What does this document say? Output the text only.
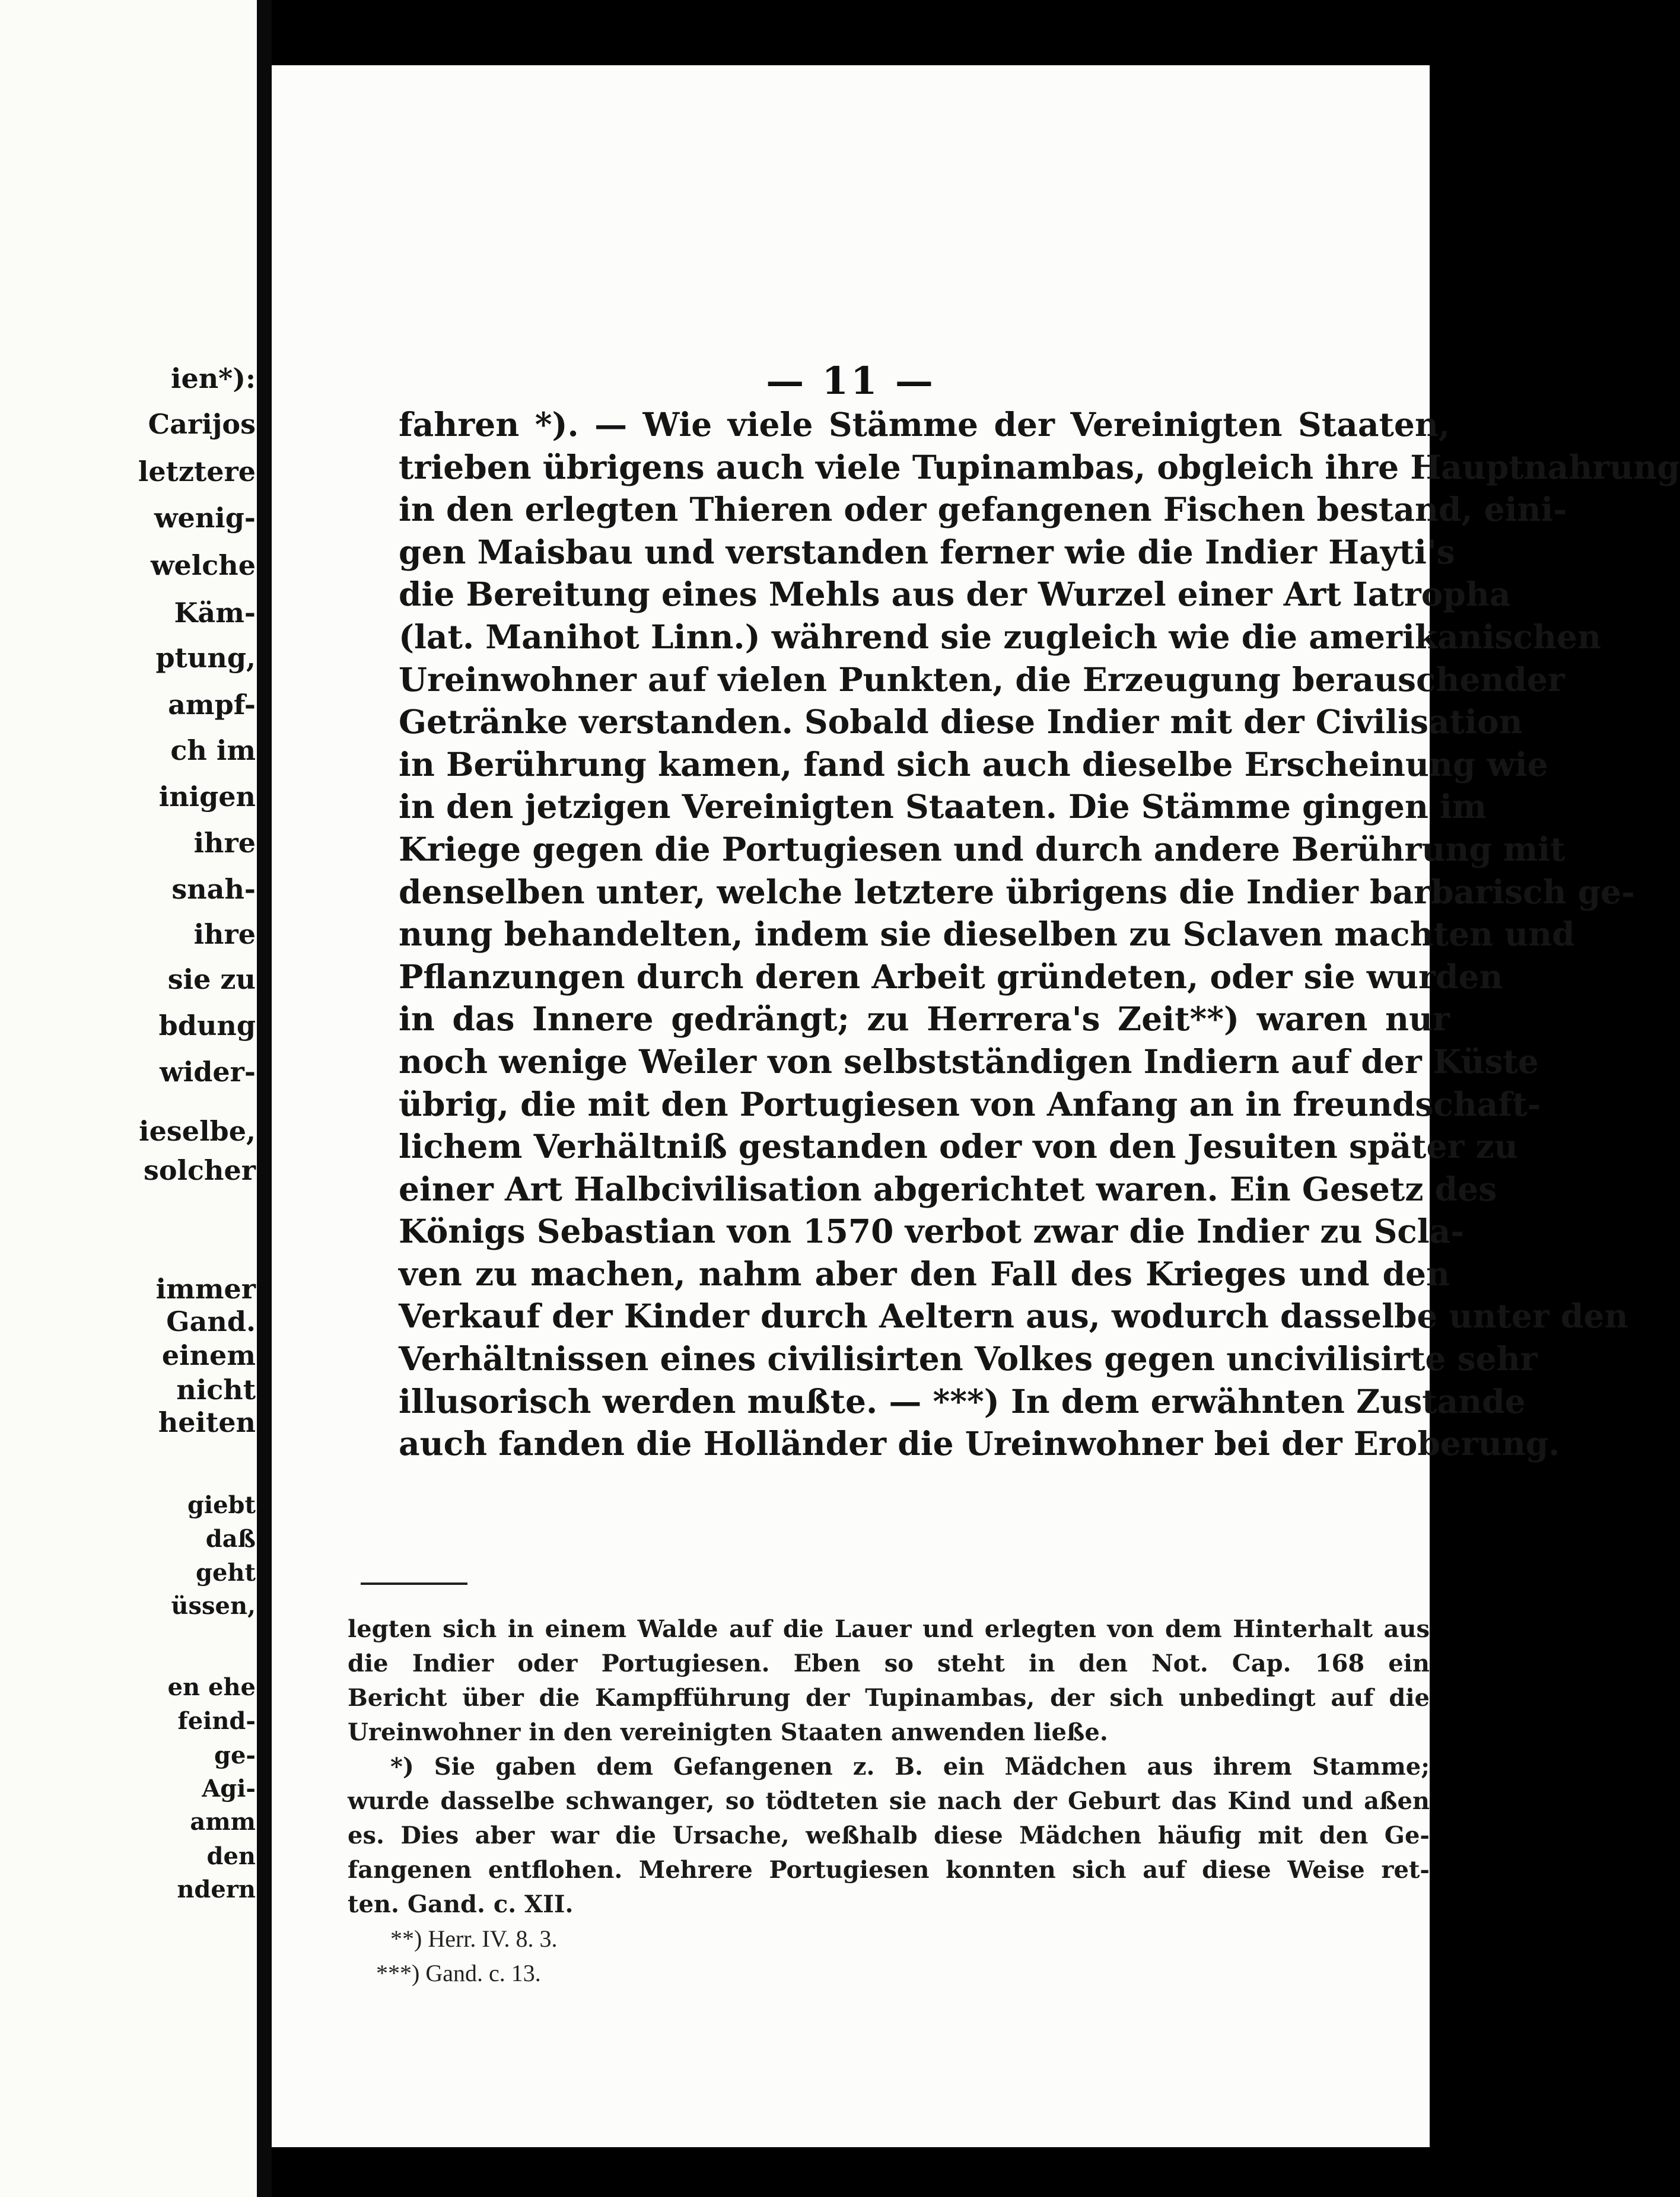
ien*):
Carijos
letztere
wenig-
welche
Käm-
ptung,
ampf-
ch im
inigen
ihre
snah-
ihre
sie zu
bdung
wider-
ieselbe,
solcher
immer
Gand.
einem
nicht
heiten
giebt
daß
geht
üssen,
en ehe
feind-
ge-
Agi-
amm
den
ndern
— 11 —
fahren *). — Wie viele Stämme der Vereinigten Staaten,
trieben übrigens auch viele Tupinambas, obgleich ihre Hauptnahrung
in den erlegten Thieren oder gefangenen Fischen bestand, eini-
gen Maisbau und verstanden ferner wie die Indier Hayti's
die Bereitung eines Mehls aus der Wurzel einer Art Iatropha
(lat. Manihot Linn.) während sie zugleich wie die amerikanischen
Ureinwohner auf vielen Punkten, die Erzeugung berauschender
Getränke verstanden. Sobald diese Indier mit der Civilisation
in Berührung kamen, fand sich auch dieselbe Erscheinung wie
in den jetzigen Vereinigten Staaten. Die Stämme gingen im
Kriege gegen die Portugiesen und durch andere Berührung mit
denselben unter, welche letztere übrigens die Indier barbarisch ge-
nung behandelten, indem sie dieselben zu Sclaven machten und
Pflanzungen durch deren Arbeit gründeten, oder sie wurden
in das Innere gedrängt; zu Herrera's Zeit**) waren nur
noch wenige Weiler von selbstständigen Indiern auf der Küste
übrig, die mit den Portugiesen von Anfang an in freundschaft-
lichem Verhältniß gestanden oder von den Jesuiten später zu
einer Art Halbcivilisation abgerichtet waren. Ein Gesetz des
Königs Sebastian von 1570 verbot zwar die Indier zu Scla-
ven zu machen, nahm aber den Fall des Krieges und den
Verkauf der Kinder durch Aeltern aus, wodurch dasselbe unter den
Verhältnissen eines civilisirten Volkes gegen uncivilisirte sehr
illusorisch werden mußte. — ***) In dem erwähnten Zustande
auch fanden die Holländer die Ureinwohner bei der Eroberung.
legten sich in einem Walde auf die Lauer und erlegten von dem Hinterhalt aus
die Indier oder Portugiesen. Eben so steht in den Not. Cap. 168 ein
Bericht über die Kampfführung der Tupinambas, der sich unbedingt auf die
Ureinwohner in den vereinigten Staaten anwenden ließe.
*) Sie gaben dem Gefangenen z. B. ein Mädchen aus ihrem Stamme;
wurde dasselbe schwanger, so tödteten sie nach der Geburt das Kind und aßen
es. Dies aber war die Ursache, weßhalb diese Mädchen häufig mit den Ge-
fangenen entflohen. Mehrere Portugiesen konnten sich auf diese Weise ret-
ten. Gand. c. XII.
**) Herr. IV. 8. 3.
***) Gand. c. 13.
